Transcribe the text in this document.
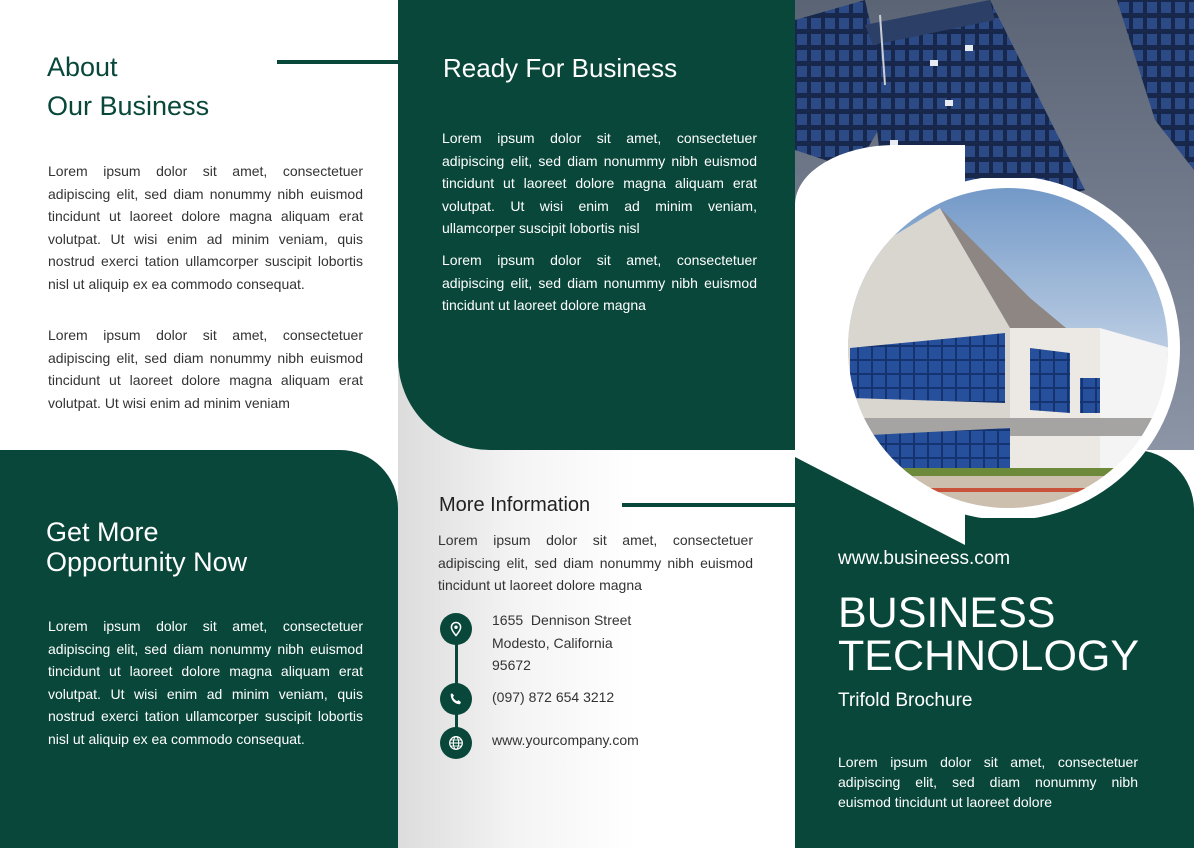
About
Our Business

Lorem ipsum dolor sit amet, consectetuer adipiscing elit, sed diam nonummy nibh euismod tincidunt ut laoreet dolore magna aliquam erat volutpat. Ut wisi enim ad minim veniam, quis nostrud exerci tation ullamcorper suscipit lobortis nisl ut aliquip ex ea commodo consequat.

Lorem ipsum dolor sit amet, consectetuer adipiscing elit, sed diam nonummy nibh euismod tincidunt ut laoreet dolore magna aliquam erat volutpat. Ut wisi enim ad minim veniam

Get More
Opportunity Now

Lorem ipsum dolor sit amet, consectetuer adipiscing elit, sed diam nonummy nibh euismod tincidunt ut laoreet dolore magna aliquam erat volutpat. Ut wisi enim ad minim veniam, quis nostrud exerci tation ullamcorper suscipit lobortis nisl ut aliquip ex ea commodo consequat.

Ready For Business

Lorem ipsum dolor sit amet, consectetuer adipiscing elit, sed diam nonummy nibh euismod tincidunt ut laoreet dolore magna aliquam erat volutpat. Ut wisi enim ad minim veniam, ullamcorper suscipit lobortis nisl

Lorem ipsum dolor sit amet, consectetuer adipiscing elit, sed diam nonummy nibh euismod tincidunt ut laoreet dolore magna

More Information

Lorem ipsum dolor sit amet, consectetuer adipiscing elit, sed diam nonummy nibh euismod tincidunt ut laoreet dolore magna

1655  Dennison Street
Modesto, California
95672
(097) 872 654 3212
www.yourcompany.com
www.busineess.com
BUSINESS
TECHNOLOGY
Trifold Brochure

Lorem ipsum dolor sit amet, consectetuer adipiscing elit, sed diam nonummy nibh euismod tincidunt ut laoreet dolore
